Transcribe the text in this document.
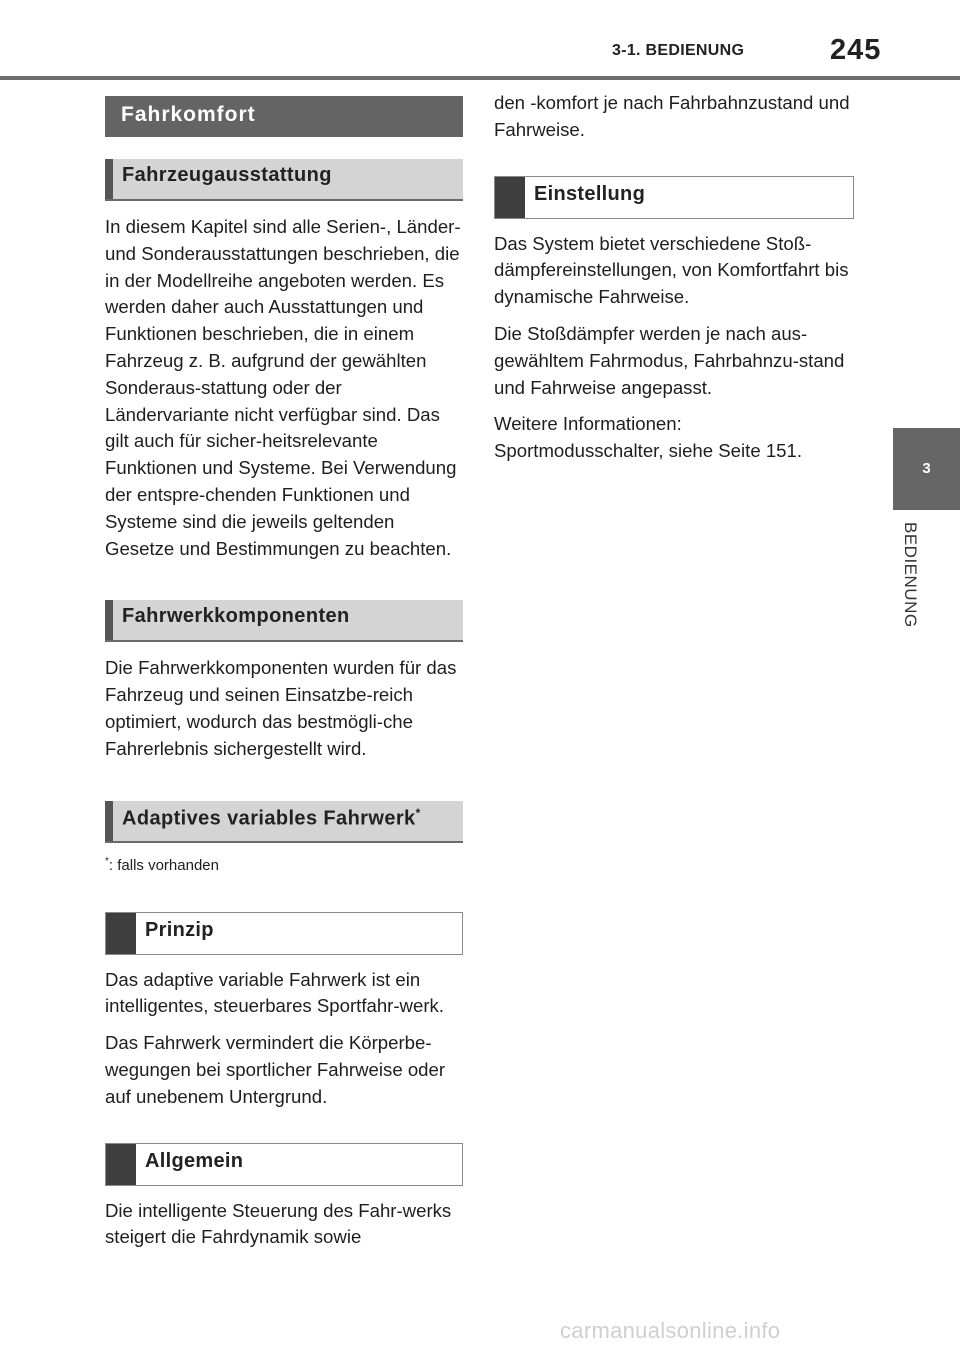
3-1. BEDIENUNG	245
3
BEDIENUNG
Fahrkomfort
Fahrzeugausstattung

In diesem Kapitel sind alle Serien-, Länder- und Sonderausstattungen beschrieben, die in der Modellreihe angeboten werden. Es werden daher auch Ausstattungen und Funktionen beschrieben, die in einem Fahrzeug z. B. aufgrund der gewählten Sonderaus-stattung oder der Ländervariante nicht verfügbar sind. Das gilt auch für sicher-heitsrelevante Funktionen und Systeme. Bei Verwendung der entspre-chenden Funktionen und Systeme sind die jeweils geltenden Gesetze und Bestimmungen zu beachten.

Fahrwerkkomponenten

Die Fahrwerkkomponenten wurden für das Fahrzeug und seinen Einsatzbe-reich optimiert, wodurch das bestmögli-che Fahrerlebnis sichergestellt wird.

Adaptives variables Fahrwerk*

*: falls vorhanden

Prinzip

Das adaptive variable Fahrwerk ist ein intelligentes, steuerbares Sportfahr-werk.

Das Fahrwerk vermindert die Körperbe-wegungen bei sportlicher Fahrweise oder auf unebenem Untergrund.

Allgemein

Die intelligente Steuerung des Fahr-werks steigert die Fahrdynamik sowie

den -komfort je nach Fahrbahnzustand und Fahrweise.

Einstellung

Das System bietet verschiedene Stoß-dämpfereinstellungen, von Komfortfahrt bis dynamische Fahrweise.

Die Stoßdämpfer werden je nach aus-gewähltem Fahrmodus, Fahrbahnzu-stand und Fahrweise angepasst.

Weitere Informationen: Sportmodusschalter, siehe Seite 151.

carmanualsonline.info
